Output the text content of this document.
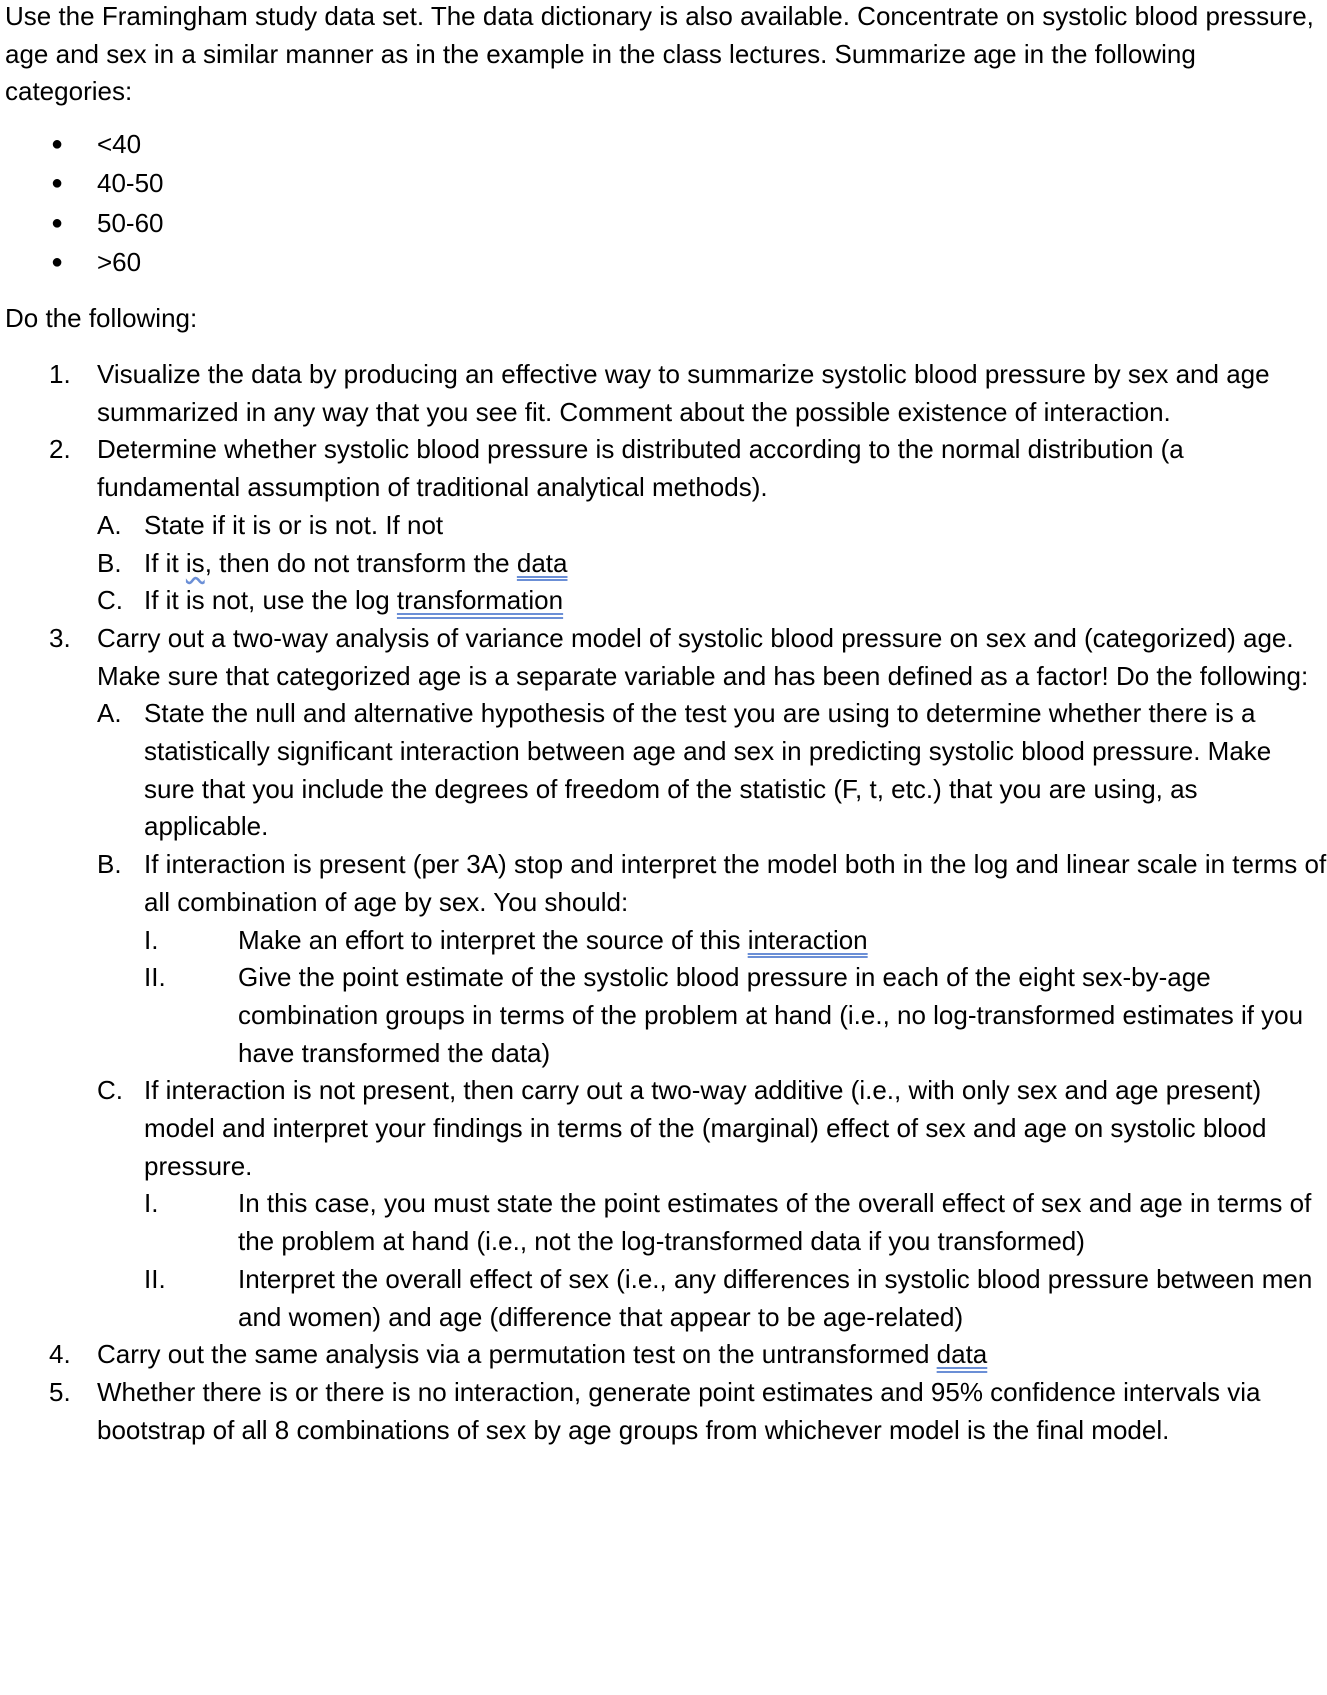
Use the Framingham study data set. The data dictionary is also available. Concentrate on systolic blood pressure, age and sex in a similar manner as in the example in the class lectures. Summarize age in the following categories:

● <40
● 40-50
● 50-60
● >60

Do the following:

1. Visualize the data by producing an effective way to summarize systolic blood pressure by sex and age summarized in any way that you see fit. Comment about the possible existence of interaction.
2. Determine whether systolic blood pressure is distributed according to the normal distribution (a fundamental assumption of traditional analytical methods).
A. State if it is or is not. If not
B. If it is, then do not transform the data
C. If it is not, use the log transformation
3. Carry out a two-way analysis of variance model of systolic blood pressure on sex and (categorized) age. Make sure that categorized age is a separate variable and has been defined as a factor! Do the following:
A. State the null and alternative hypothesis of the test you are using to determine whether there is a statistically significant interaction between age and sex in predicting systolic blood pressure. Make sure that you include the degrees of freedom of the statistic (F, t, etc.) that you are using, as applicable.
B. If interaction is present (per 3A) stop and interpret the model both in the log and linear scale in terms of all combination of age by sex. You should:
I.	Make an effort to interpret the source of this interaction
II.	Give the point estimate of the systolic blood pressure in each of the eight sex-by-age combination groups in terms of the problem at hand (i.e., no log-transformed estimates if you have transformed the data)
C. If interaction is not present, then carry out a two-way additive (i.e., with only sex and age present) model and interpret your findings in terms of the (marginal) effect of sex and age on systolic blood pressure.
I.	In this case, you must state the point estimates of the overall effect of sex and age in terms of the problem at hand (i.e., not the log-transformed data if you transformed)
II.	Interpret the overall effect of sex (i.e., any differences in systolic blood pressure between men and women) and age (difference that appear to be age-related)
4. Carry out the same analysis via a permutation test on the untransformed data
5. Whether there is or there is no interaction, generate point estimates and 95% confidence intervals via bootstrap of all 8 combinations of sex by age groups from whichever model is the final model.
